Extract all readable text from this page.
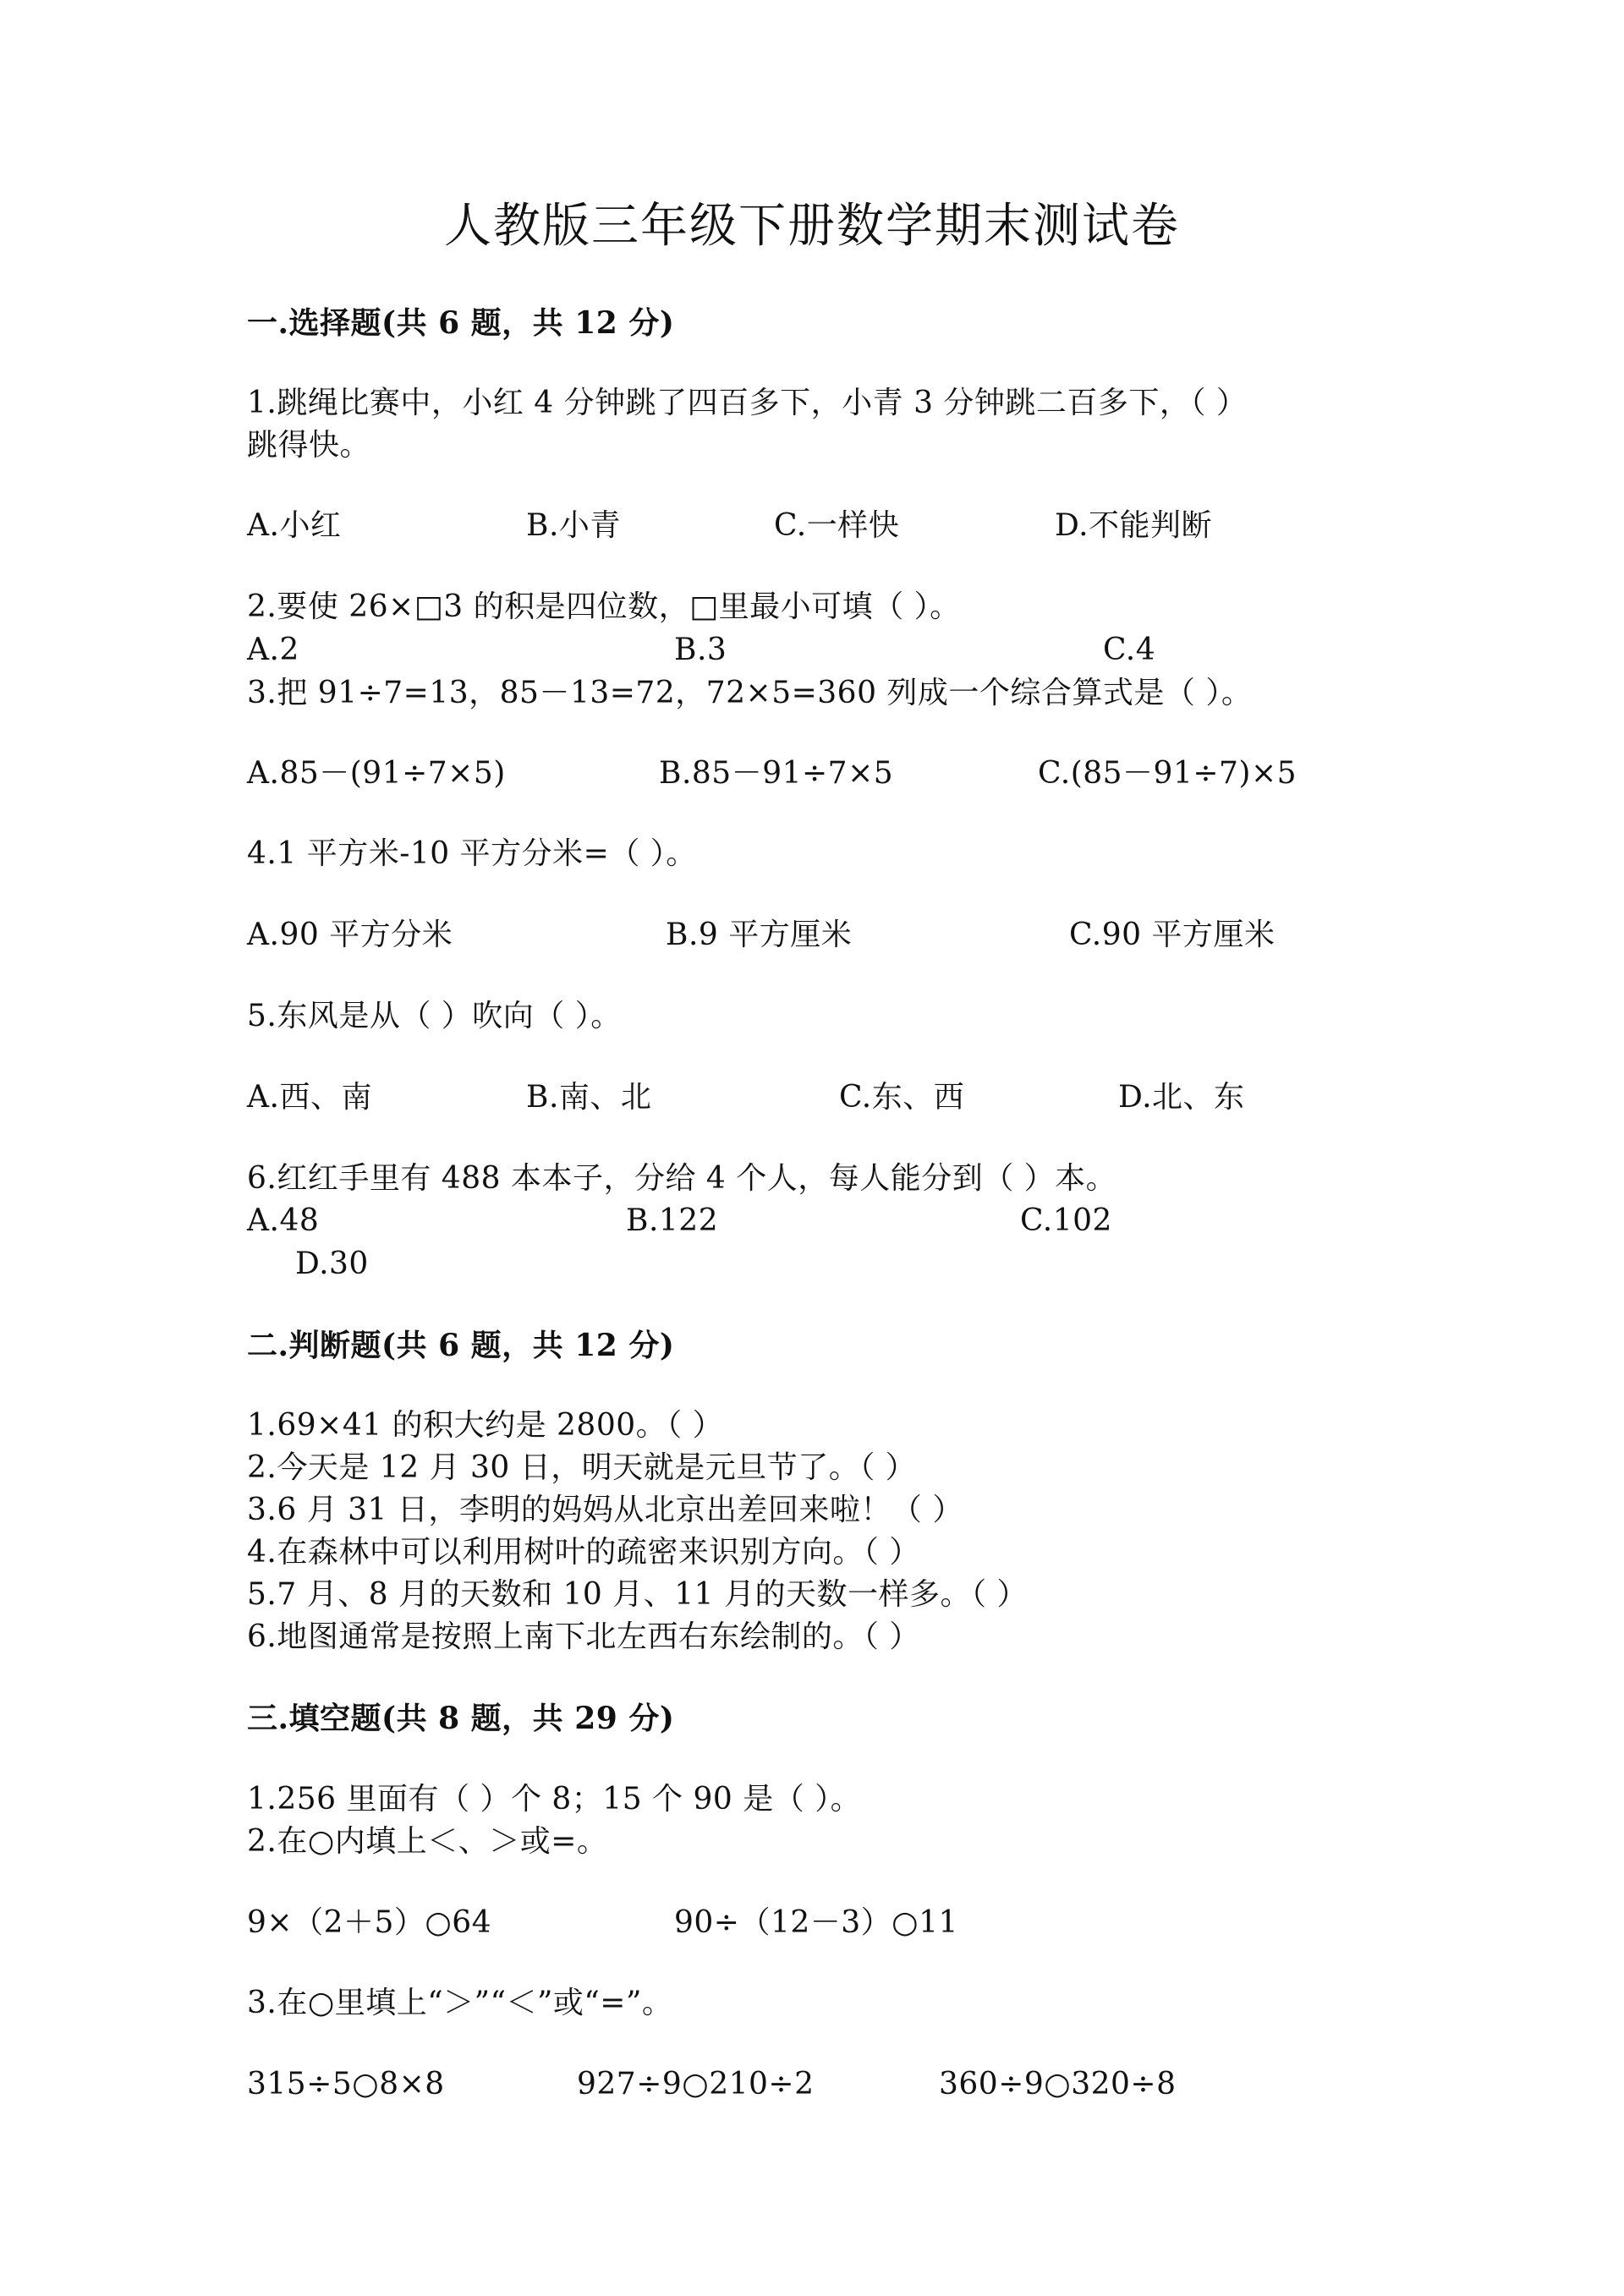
人教版三年级下册数学期末测试卷
一.选择题(共 6 题，共 12 分)
1.跳绳比赛中，小红 4 分钟跳了四百多下，小青 3 分钟跳二百多下，（ ）
跳得快。
A.小红	B.小青	C.一样快	D.不能判断
2.要使 26×□3 的积是四位数，□里最小可填（ ）。
A.2	B.3	C.4
3.把 91÷7=13，85－13=72，72×5=360 列成一个综合算式是（ ）。
A.85－(91÷7×5)	B.85－91÷7×5	C.(85－91÷7)×5
4.1 平方米-10 平方分米=（ ）。
A.90 平方分米	B.9 平方厘米	C.90 平方厘米
5.东风是从（ ）吹向（ ）。
A.西、南	B.南、北	C.东、西	D.北、东
6.红红手里有 488 本本子，分给 4 个人，每人能分到（ ）本。
A.48	B.122	C.102
D.30
二.判断题(共 6 题，共 12 分)
1.69×41 的积大约是 2800。（ ）
2.今天是 12 月 30 日，明天就是元旦节了。（ ）
3.6 月 31 日，李明的妈妈从北京出差回来啦！（ ）
4.在森林中可以利用树叶的疏密来识别方向。（ ）
5.7 月、8 月的天数和 10 月、11 月的天数一样多。（ ）
6.地图通常是按照上南下北左西右东绘制的。（ ）
三.填空题(共 8 题，共 29 分)
1.256 里面有（ ）个 8；15 个 90 是（ ）。
2.在○内填上＜、＞或=。
9×（2＋5）○64	90÷（12－3）○11
3.在○里填上“＞”“＜”或“=”。
315÷5○8×8	927÷9○210÷2	360÷9○320÷8
